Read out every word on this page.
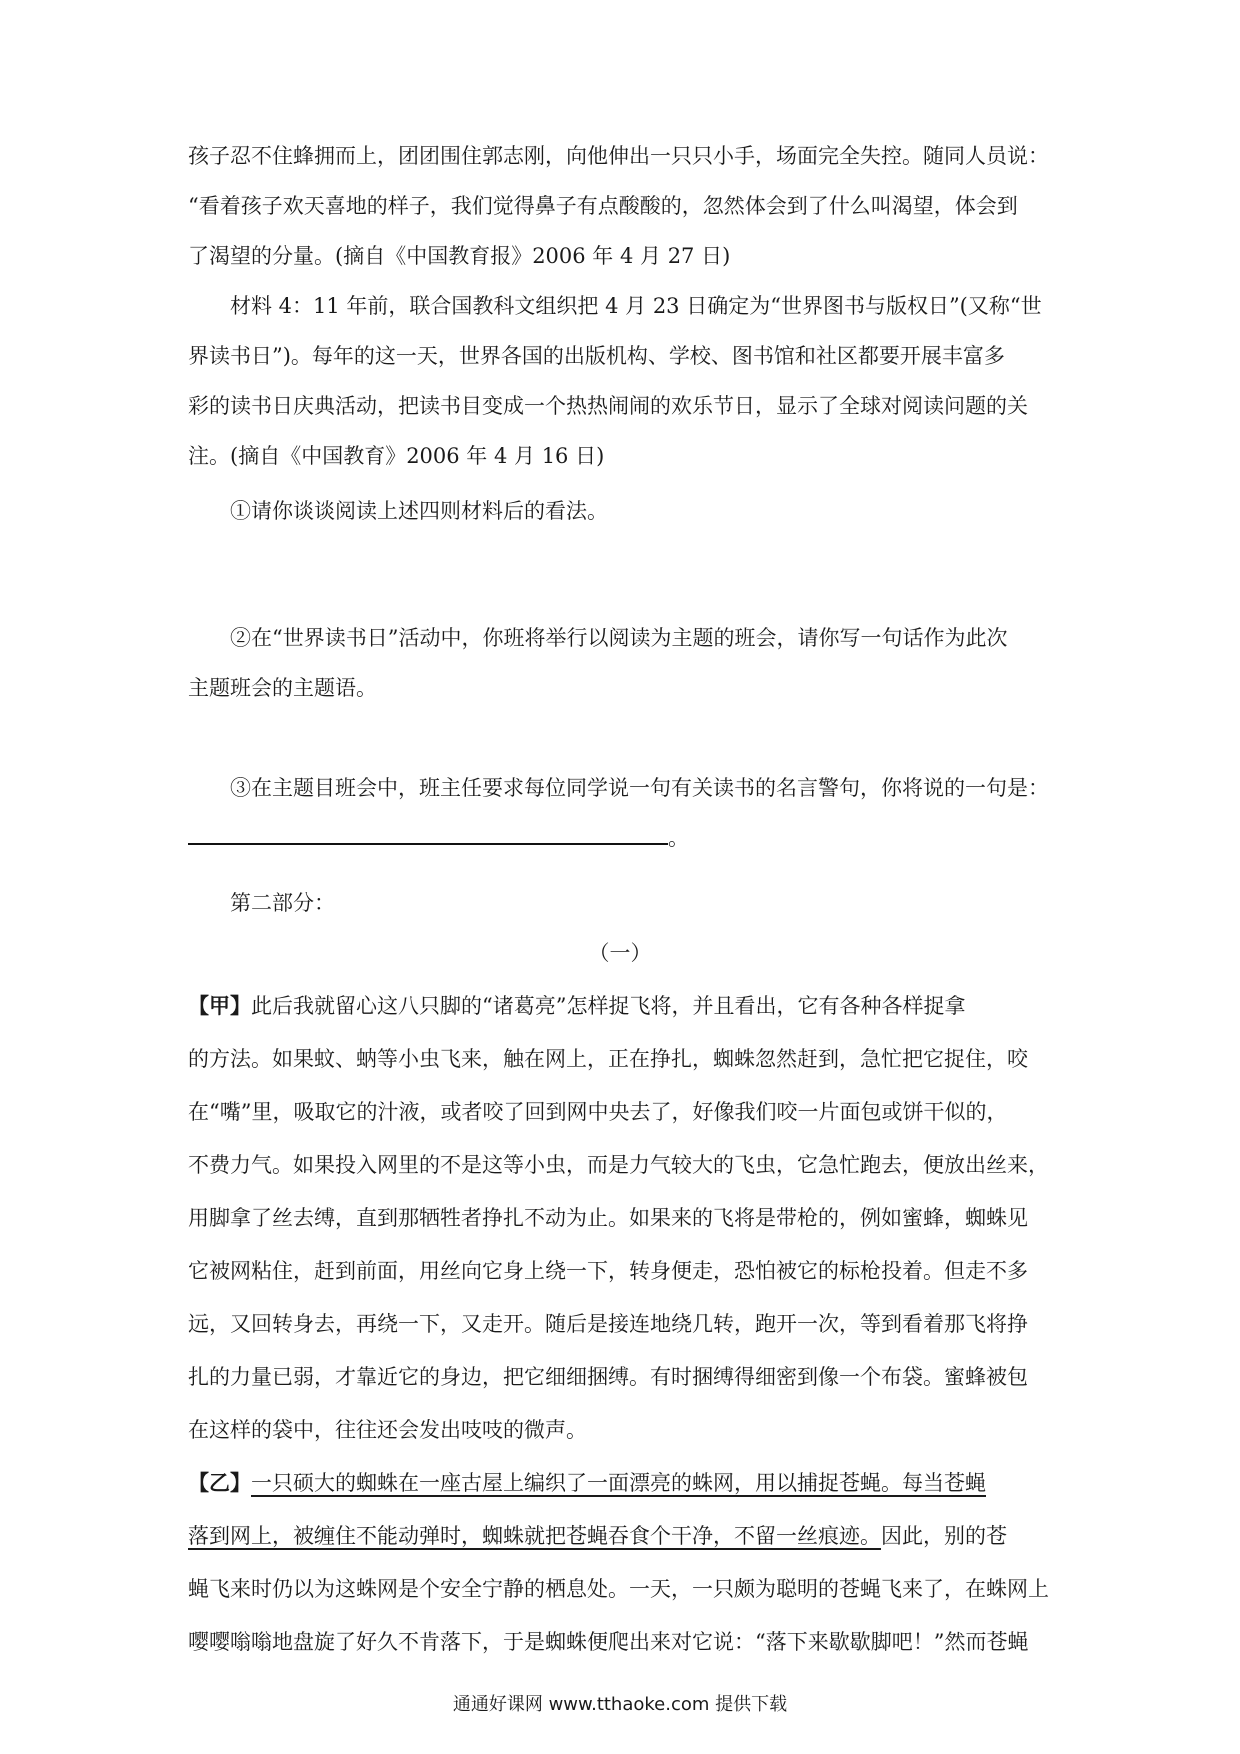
孩子忍不住蜂拥而上，团团围住郭志刚，向他伸出一只只小手，场面完全失控。随同人员说：
“看着孩子欢天喜地的样子，我们觉得鼻子有点酸酸的，忽然体会到了什么叫渴望，体会到
了渴望的分量。(摘自《中国教育报》2006 年 4 月 27 日)
材料 4：11 年前，联合国教科文组织把 4 月 23 日确定为“世界图书与版权日”(又称“世
界读书日”)。每年的这一天，世界各国的出版机构、学校、图书馆和社区都要开展丰富多
彩的读书日庆典活动，把读书目变成一个热热闹闹的欢乐节日，显示了全球对阅读问题的关
注。(摘自《中国教育》2006 年 4 月 16 日)
①请你谈谈阅读上述四则材料后的看法。
②在“世界读书日”活动中，你班将举行以阅读为主题的班会，请你写一句话作为此次
主题班会的主题语。
③在主题目班会中，班主任要求每位同学说一句有关读书的名言警句，你将说的一句是：
。
第二部分：
（一）
【甲】此后我就留心这八只脚的“诸葛亮”怎样捉飞将，并且看出，它有各种各样捉拿
的方法。如果蚊、蚋等小虫飞来，触在网上，正在挣扎，蜘蛛忽然赶到，急忙把它捉住，咬
在“嘴”里，吸取它的汁液，或者咬了回到网中央去了，好像我们咬一片面包或饼干似的，
不费力气。如果投入网里的不是这等小虫，而是力气较大的飞虫，它急忙跑去，便放出丝来，
用脚拿了丝去缚，直到那牺牲者挣扎不动为止。如果来的飞将是带枪的，例如蜜蜂，蜘蛛见
它被网粘住，赶到前面，用丝向它身上绕一下，转身便走，恐怕被它的标枪投着。但走不多
远，又回转身去，再绕一下，又走开。随后是接连地绕几转，跑开一次，等到看着那飞将挣
扎的力量已弱，才靠近它的身边，把它细细捆缚。有时捆缚得细密到像一个布袋。蜜蜂被包
在这样的袋中，往往还会发出吱吱的微声。
【乙】一只硕大的蜘蛛在一座古屋上编织了一面漂亮的蛛网，用以捕捉苍蝇。每当苍蝇
落到网上，被缠住不能动弹时，蜘蛛就把苍蝇吞食个干净，不留一丝痕迹。因此，别的苍
蝇飞来时仍以为这蛛网是个安全宁静的栖息处。一天，一只颇为聪明的苍蝇飞来了，在蛛网上
通通好课网 www.tthaoke.com 提供下载
嘤嘤嗡嗡地盘旋了好久不肯落下，于是蜘蛛便爬出来对它说：“落下来歇歇脚吧！”然而苍蝇
